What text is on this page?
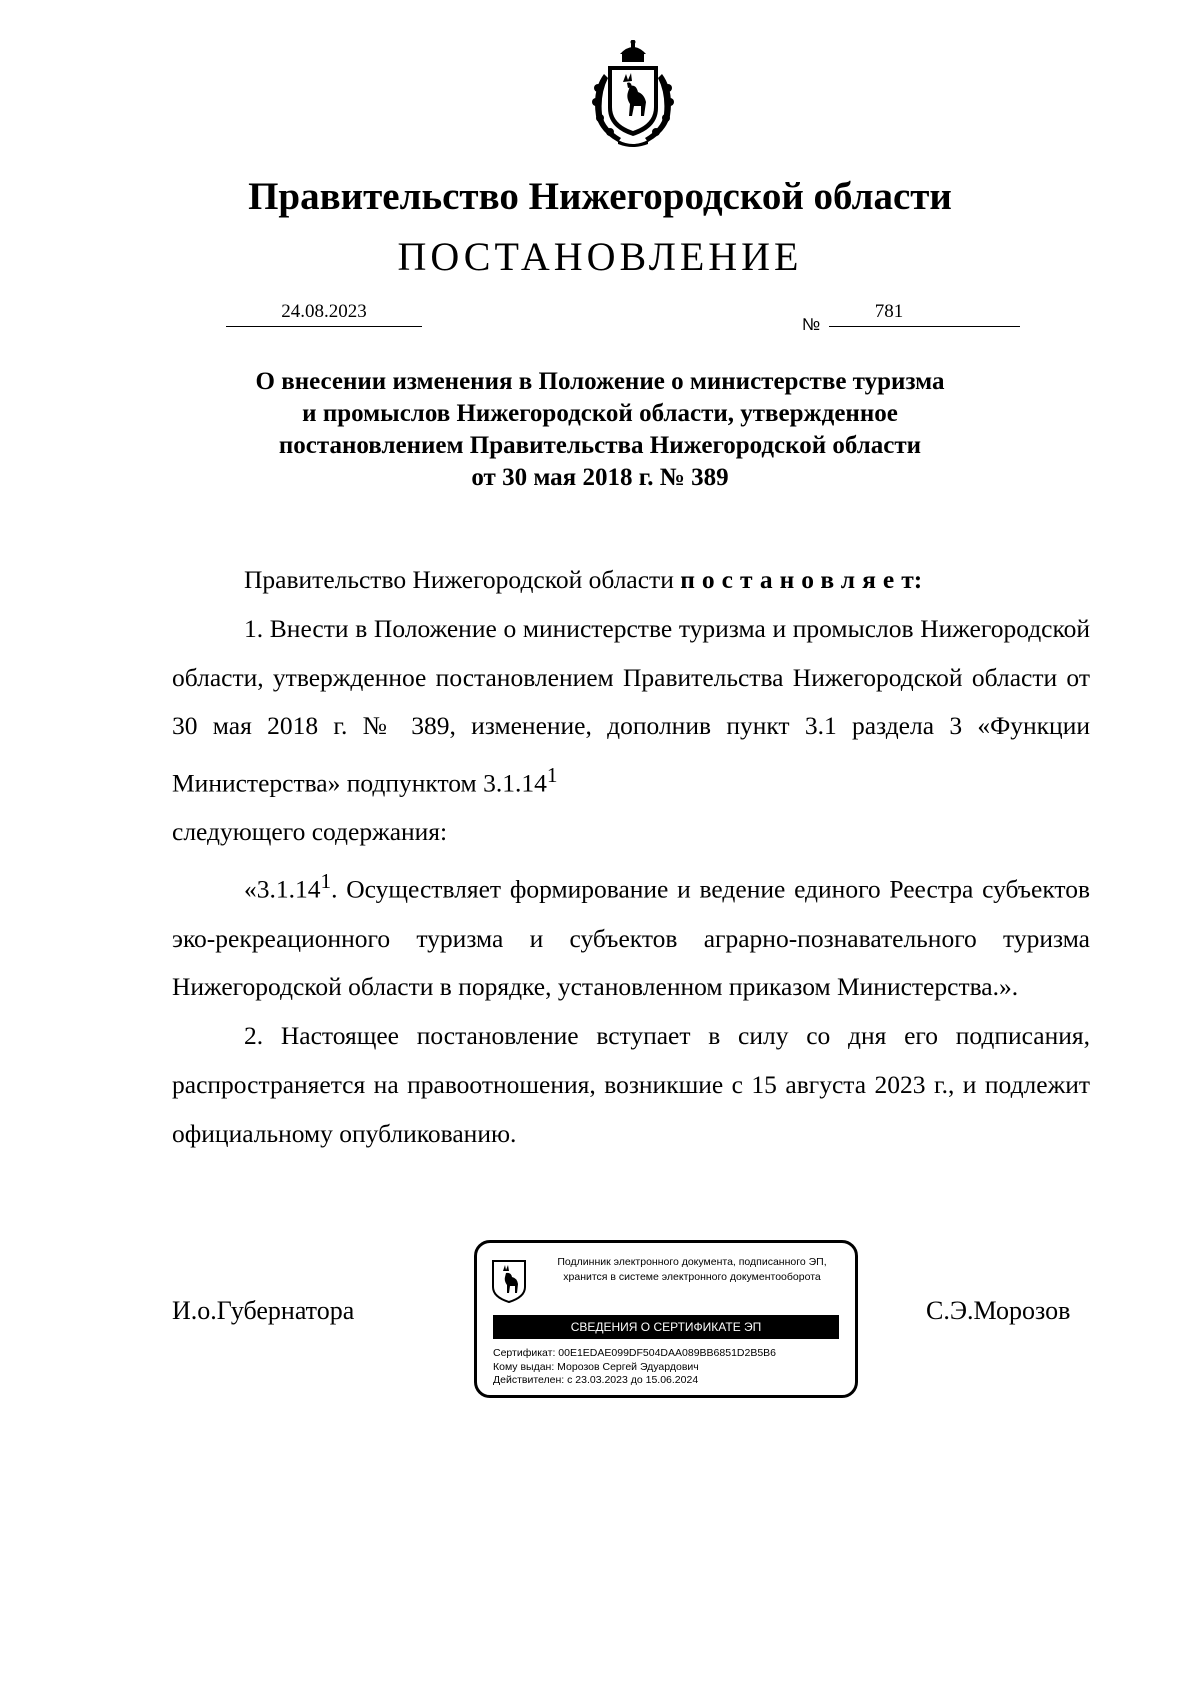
Правительство Нижегородской области
ПОСТАНОВЛЕНИЕ
24.08.2023
№
781
О внесении изменения в Положение о министерстве туризма
и промыслов Нижегородской области, утвержденное
постановлением Правительства Нижегородской области
от 30 мая 2018 г. № 389

Правительство Нижегородской области постановляет:

1. Внести в Положение о министерстве туризма и промыслов Нижегородской области, утвержденное постановлением Правительства Нижегородской области от 30 мая 2018 г. № 389, изменение, дополнив пункт 3.1 раздела 3 «Функции Министерства» подпунктом 3.1.14$^1$
следующего содержания:

«3.1.14$^1$. Осуществляет формирование и ведение единого Реестра субъектов эко-рекреационного туризма и субъектов аграрно-познавательного туризма Нижегородской области в порядке, установленном приказом Министерства.».

2. Настоящее постановление вступает в силу со дня его подписания, распространяется на правоотношения, возникшие с 15 августа 2023 г., и подлежит официальному опубликованию.

И.о.Губернатора	С.Э.Морозов
Подлинник электронного документа, подписанного ЭП,
хранится в системе электронного документооборота
СВЕДЕНИЯ О СЕРТИФИКАТЕ ЭП
Сертификат: 00E1EDAE099DF504DAA089BB6851D2B5B6
Кому выдан: Морозов Сергей Эдуардович
Действителен: с 23.03.2023 до 15.06.2024
